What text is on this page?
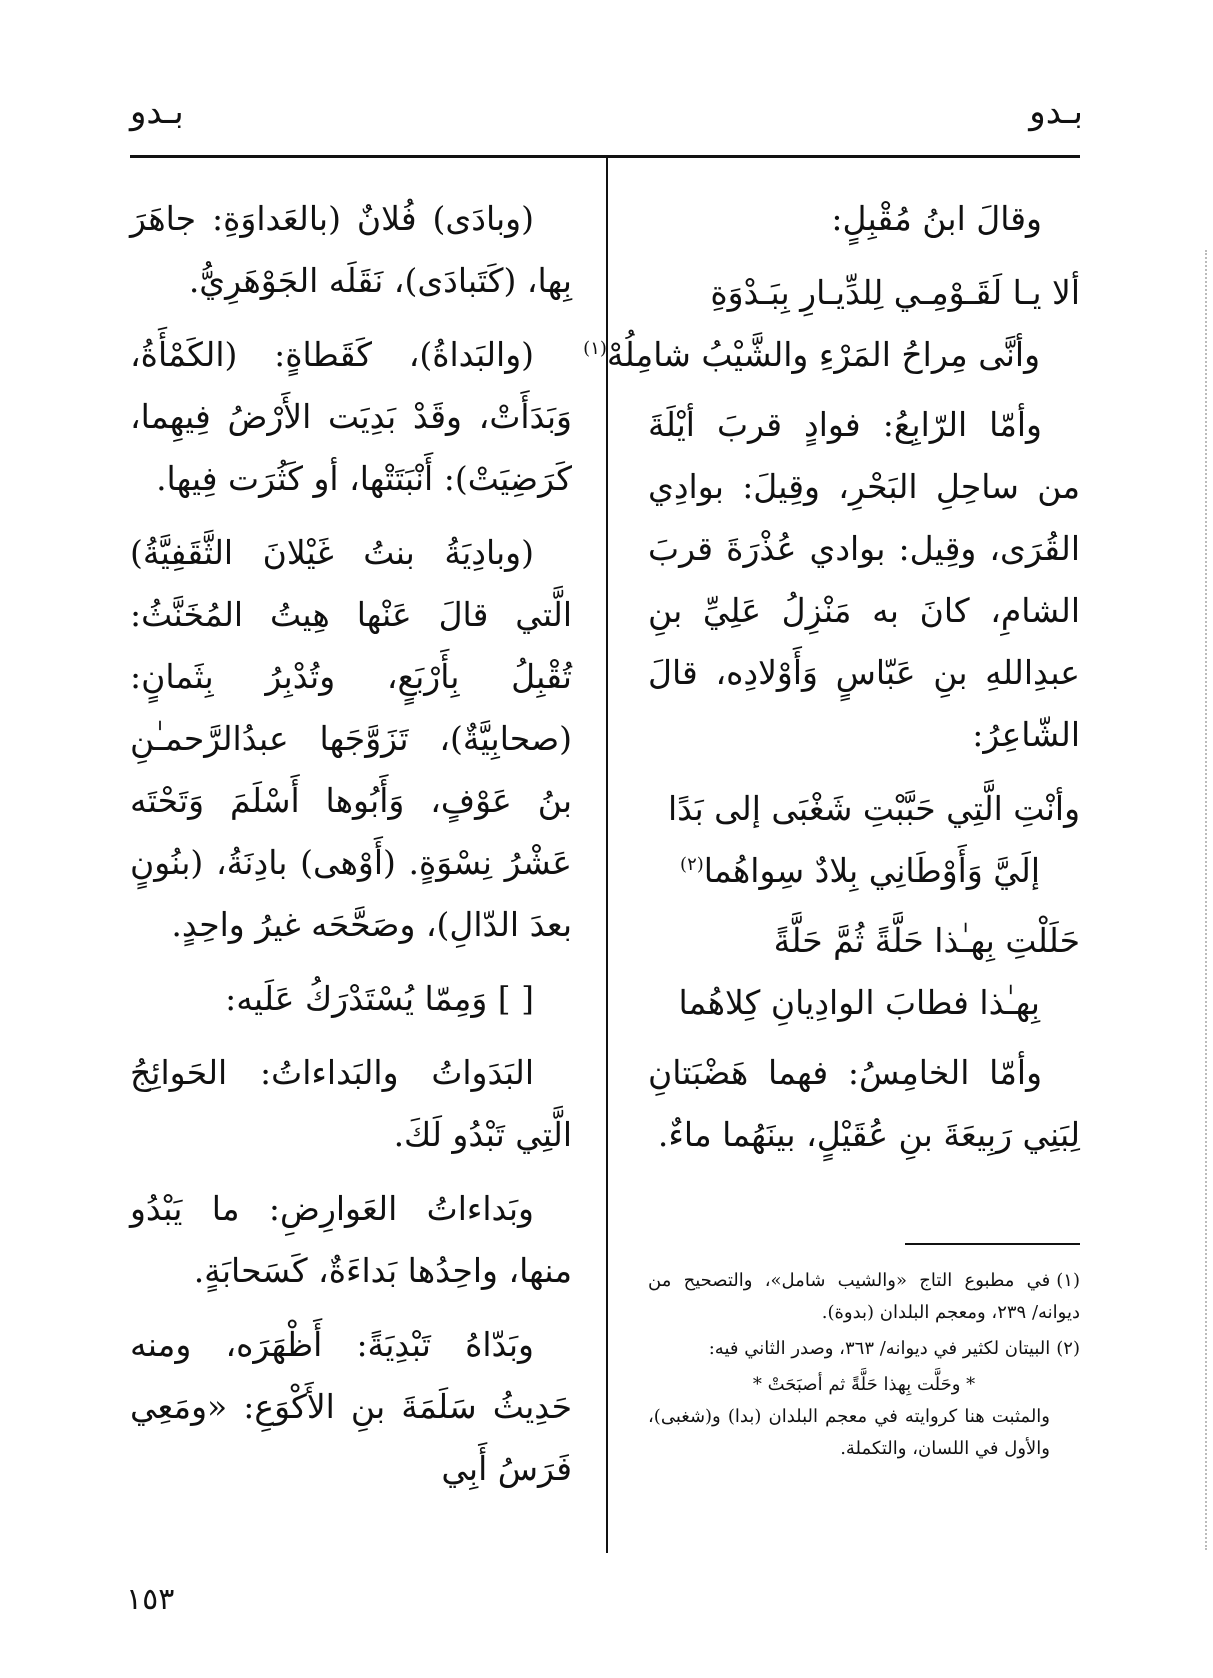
بـدو
بـدو

وقالَ ابنُ مُقْبِلٍ:

ألا يـا لَقَـوْمِـي لِلدِّيـارِ بِبَـدْوَةِ
وأنَّى مِراحُ المَرْءِ والشَّيْبُ شامِلُهْ$^{(١)}$

وأمّا الرّابِعُ: فوادٍ قربَ أيْلَةَ من ساحِلِ البَحْرِ، وقِيلَ: بوادِي القُرَى، وقِيل: بوادي عُذْرَةَ قربَ الشامِ، كانَ به مَنْزِلُ عَلِيِّ بنِ عبدِاللهِ بنِ عَبّاسٍ وَأَوْلادِه، قالَ الشّاعِرُ:

وأنْتِ الَّتِي حَبَّبْتِ شَغْبَى إلى بَدًا
إلَيَّ وَأَوْطَانِي بِلادٌ سِواهُما$^{(٢)}$
حَلَلْتِ بِهـٰذا حَلَّةً ثُمَّ حَلَّةً
بِهـٰذا فطابَ الوادِيانِ كِلاهُما

وأمّا الخامِسُ: فهما هَضْبَتانِ لِبَنِي رَبِيعَةَ بنِ عُقَيْلٍ، بينَهُما ماءٌ.

(١)في مطبوع التاج «والشيب شامل»، والتصحيح من ديوانه/ ٢٣٩، ومعجم البلدان (بدوة).

(٢)البيتان لكثير في ديوانه/ ٣٦٣، وصدر الثاني فيه:

* وحَلَّت بِهذا حَلَّةً ثم أصبَحَتْ *

والمثبت هنا كروايته في معجم البلدان (بدا) و(شغبى)، والأول في اللسان، والتكملة.

(وبادَى) فُلانٌ (بالعَداوَةِ: جاهَرَ بِها، (كَتَبادَى)، نَقَلَه الجَوْهَرِيُّ.

(والبَداةُ)، كَقَطاةٍ: (الكَمْأَةُ، وَبَدَأَتْ، وقَدْ بَدِيَت الأَرْضُ فِيهِما، كَرَضِيَتْ): أَنْبَتَتْها، أو كَثُرَت فِيها.

(وبادِيَةُ بنتُ غَيْلانَ الثَّقَفِيَّةُ) الَّتي قالَ عَنْها هِيتُ المُخَنَّثُ: تُقْبِلُ بِأَرْبَعٍ، وتُدْبِرُ بِثَمانٍ: (صحابِيَّةٌ)، تَزَوَّجَها عبدُالرَّحمـٰنِ بنُ عَوْفٍ، وَأَبُوها أَسْلَمَ وَتَحْتَه عَشْرُ نِسْوَةٍ. (أَوْهى) بادِنَةُ، (بنُونٍ بعدَ الدّالِ)، وصَحَّحَه غيرُ واحِدٍ.

[ ] وَمِمّا يُسْتَدْرَكُ عَلَيه:

البَدَواتُ والبَداءاتُ: الحَوائِجُ الَّتِي تَبْدُو لَكَ.

وبَداءاتُ العَوارِضِ: ما يَبْدُو منها، واحِدُها بَداءَةٌ، كَسَحابَةٍ.

وبَدّاهُ تَبْدِيَةً: أَظْهَرَه، ومنه حَدِيثُ سَلَمَةَ بنِ الأَكْوَعِ: «ومَعِي فَرَسُ أَبِي

١٥٣
